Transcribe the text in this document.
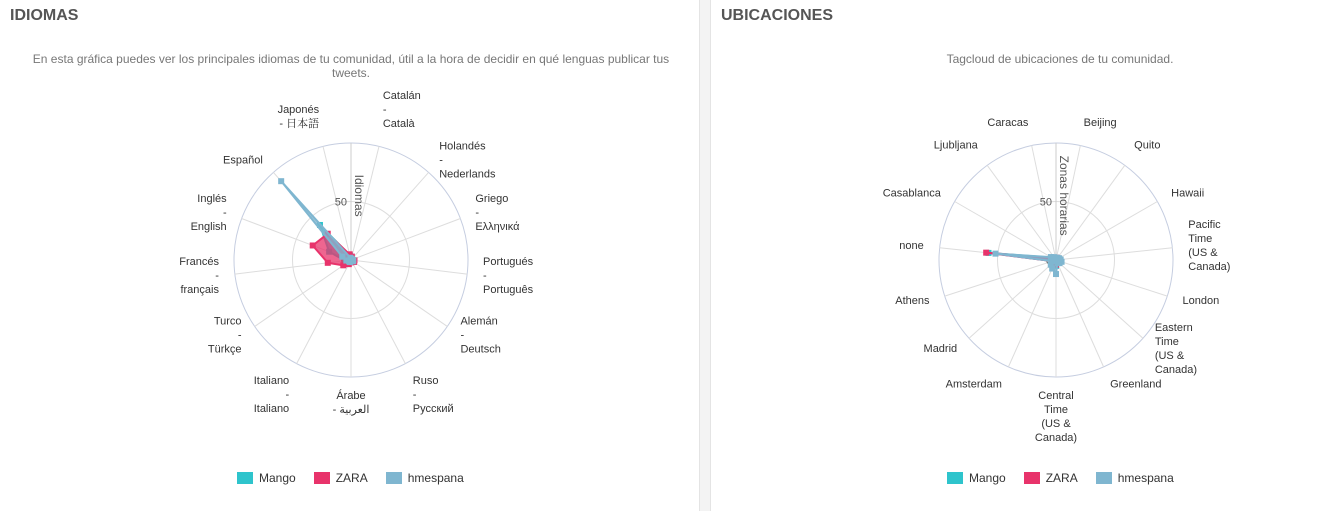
IDIOMAS
En esta gráfica puedes ver los principales idiomas de tu comunidad, útil a la hora de decidir en qué lenguas publicar tus tweets.
50 Idiomas
Catalán -Català
Holandés -Nederlands
Griego -Ελληνικά
Portugués -Português
Alemán -Deutsch
Ruso -Русский
Árabe - العربية
Italiano -Italiano
Turco -Türkçe
Francés -français
Inglés -English
Español
Japonés - 日本語
Mango	ZARA	hmespana
UBICACIONES
Tagcloud de ubicaciones de tu comunidad.
50 Zonas horarias
Beijing
Quito
Hawaii
Pacific Time (US & Canada)
London
Eastern Time (US & Canada)
Greenland
Central Time (US & Canada)
Amsterdam
Madrid
Athens
none
Casablanca
Ljubljana
Caracas
Mango	ZARA	hmespana
